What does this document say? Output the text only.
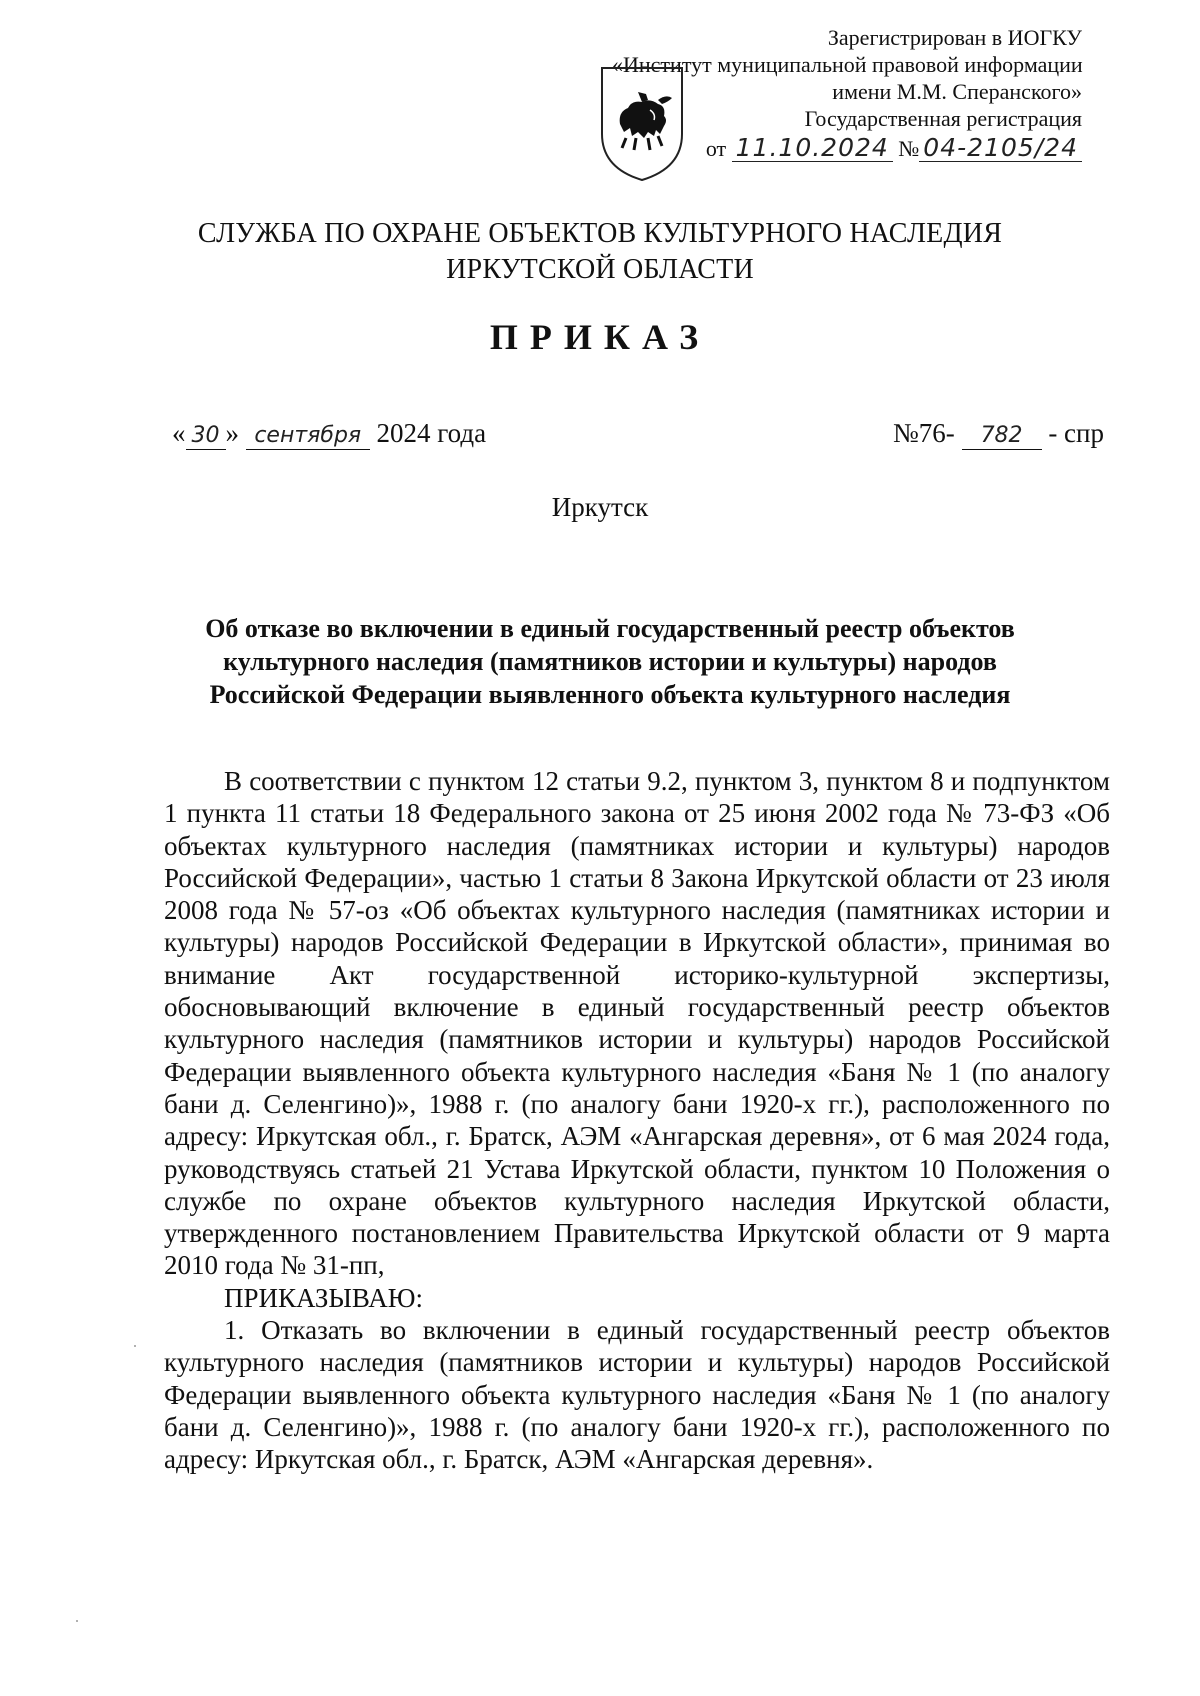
Зарегистрирован в ИОГКУ
«Институт муниципальной правовой информации
имени М.М. Сперанского»
Государственная регистрация
от 11.10.2024 № 04-2105/24
СЛУЖБА ПО ОХРАНЕ ОБЪЕКТОВ КУЛЬТУРНОГО НАСЛЕДИЯ
ИРКУТСКОЙ ОБЛАСТИ
ПРИКАЗ
« 30 » сентября 2024 года	№76- 782 - спр
Иркутск
Об отказе во включении в единый государственный реестр объектов
культурного наследия (памятников истории и культуры) народов
Российской Федерации выявленного объекта культурного наследия

В соответствии с пунктом 12 статьи 9.2, пунктом 3, пунктом 8 и подпунктом 1 пункта 11 статьи 18 Федерального закона от 25 июня 2002 года № 73-ФЗ «Об объектах культурного наследия (памятниках истории и культуры) народов Российской Федерации», частью 1 статьи 8 Закона Иркутской области от 23 июля 2008 года № 57-оз «Об объектах культурного наследия (памятниках истории и культуры) народов Российской Федерации в Иркутской области», принимая во внимание Акт государственной историко-культурной экспертизы, обосновывающий включение в единый государственный реестр объектов культурного наследия (памятников истории и культуры) народов Российской Федерации выявленного объекта культурного наследия «Баня № 1 (по аналогу бани д. Селенгино)», 1988 г. (по аналогу бани 1920-х гг.), расположенного по адресу: Иркутская обл., г. Братск, АЭМ «Ангарская деревня», от 6 мая 2024 года, руководствуясь статьей 21 Устава Иркутской области, пунктом 10 Положения о службе по охране объектов культурного наследия Иркутской области, утвержденного постановлением Правительства Иркутской области от 9 марта 2010 года № 31-пп,

ПРИКАЗЫВАЮ:

1. Отказать во включении в единый государственный реестр объектов культурного наследия (памятников истории и культуры) народов Российской Федерации выявленного объекта культурного наследия «Баня № 1 (по аналогу бани д. Селенгино)», 1988 г. (по аналогу бани 1920-х гг.), расположенного по адресу: Иркутская обл., г. Братск, АЭМ «Ангарская деревня».
